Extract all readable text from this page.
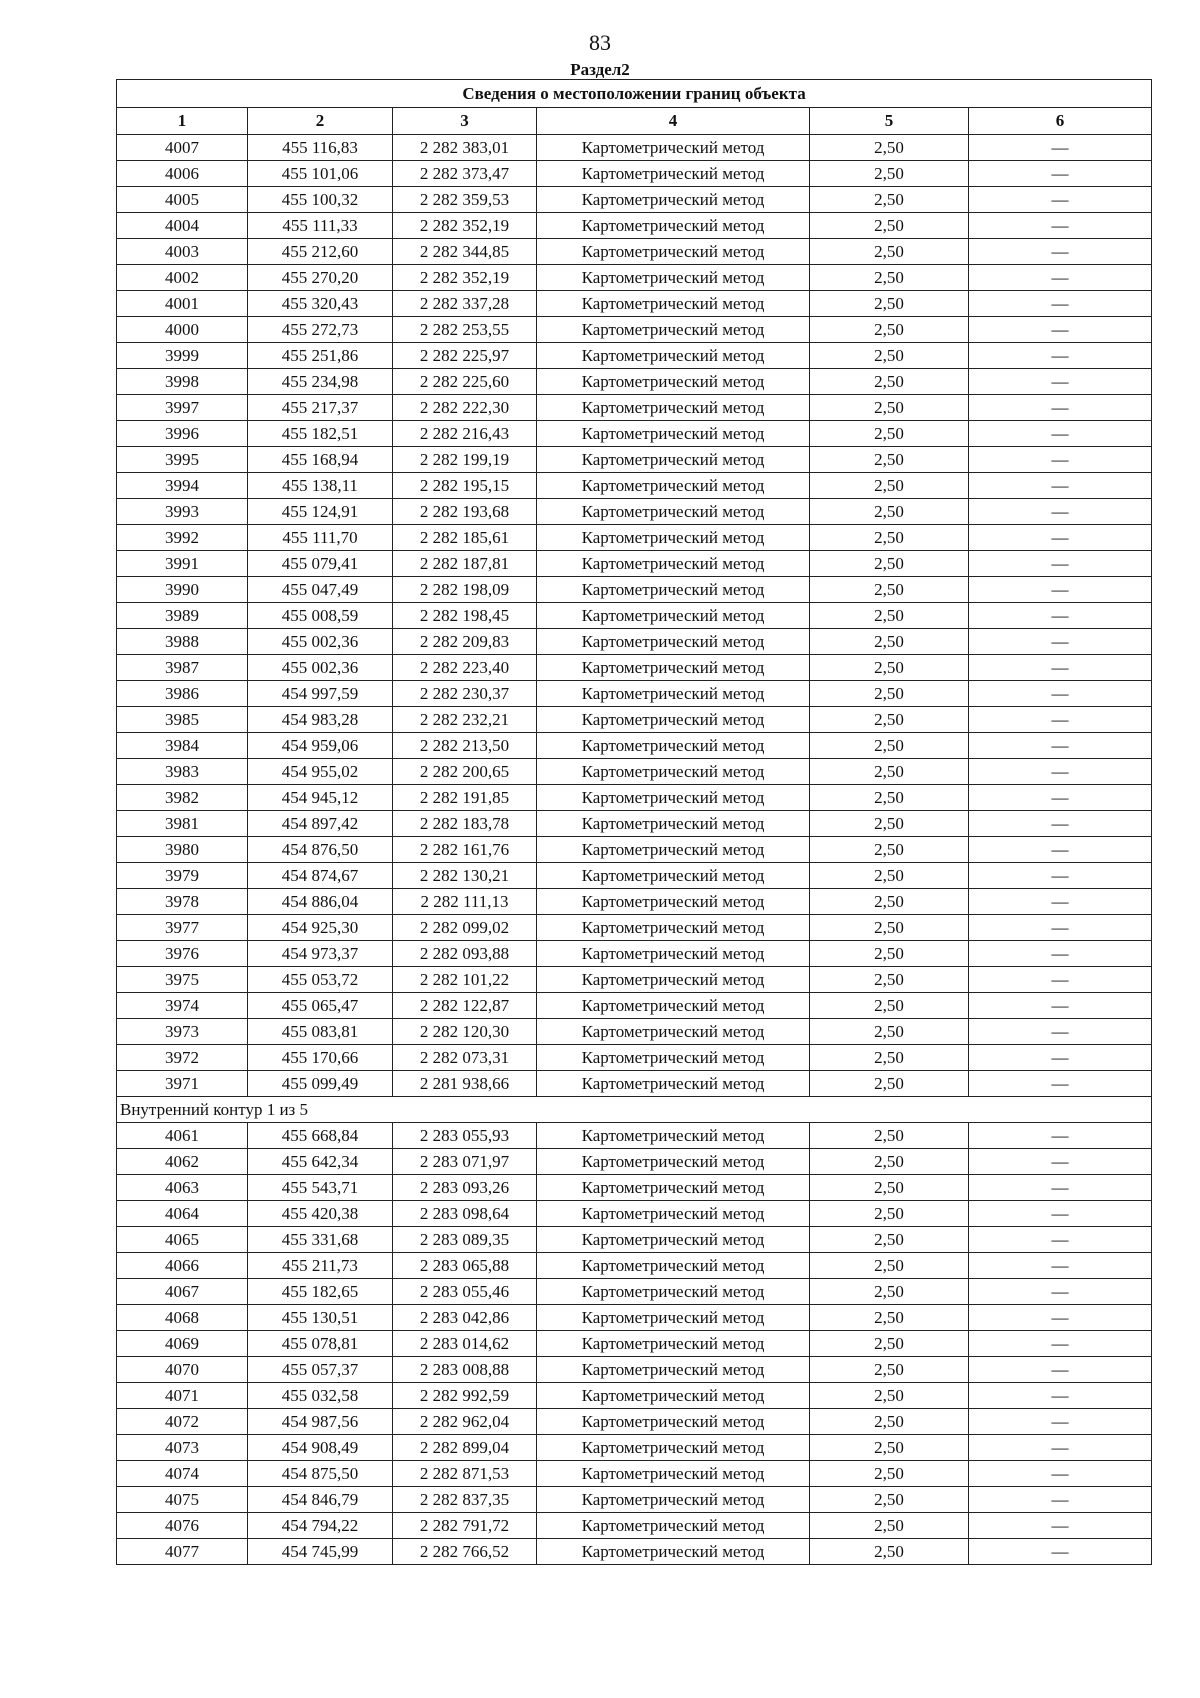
83
Раздел2
Сведения о местоположении границ объекта					
1	2	3	4	5	6
4007	455 116,83	2 282 383,01	Картометрический метод	2,50	—
4006	455 101,06	2 282 373,47	Картометрический метод	2,50	—
4005	455 100,32	2 282 359,53	Картометрический метод	2,50	—
4004	455 111,33	2 282 352,19	Картометрический метод	2,50	—
4003	455 212,60	2 282 344,85	Картометрический метод	2,50	—
4002	455 270,20	2 282 352,19	Картометрический метод	2,50	—
4001	455 320,43	2 282 337,28	Картометрический метод	2,50	—
4000	455 272,73	2 282 253,55	Картометрический метод	2,50	—
3999	455 251,86	2 282 225,97	Картометрический метод	2,50	—
3998	455 234,98	2 282 225,60	Картометрический метод	2,50	—
3997	455 217,37	2 282 222,30	Картометрический метод	2,50	—
3996	455 182,51	2 282 216,43	Картометрический метод	2,50	—
3995	455 168,94	2 282 199,19	Картометрический метод	2,50	—
3994	455 138,11	2 282 195,15	Картометрический метод	2,50	—
3993	455 124,91	2 282 193,68	Картометрический метод	2,50	—
3992	455 111,70	2 282 185,61	Картометрический метод	2,50	—
3991	455 079,41	2 282 187,81	Картометрический метод	2,50	—
3990	455 047,49	2 282 198,09	Картометрический метод	2,50	—
3989	455 008,59	2 282 198,45	Картометрический метод	2,50	—
3988	455 002,36	2 282 209,83	Картометрический метод	2,50	—
3987	455 002,36	2 282 223,40	Картометрический метод	2,50	—
3986	454 997,59	2 282 230,37	Картометрический метод	2,50	—
3985	454 983,28	2 282 232,21	Картометрический метод	2,50	—
3984	454 959,06	2 282 213,50	Картометрический метод	2,50	—
3983	454 955,02	2 282 200,65	Картометрический метод	2,50	—
3982	454 945,12	2 282 191,85	Картометрический метод	2,50	—
3981	454 897,42	2 282 183,78	Картометрический метод	2,50	—
3980	454 876,50	2 282 161,76	Картометрический метод	2,50	—
3979	454 874,67	2 282 130,21	Картометрический метод	2,50	—
3978	454 886,04	2 282 111,13	Картометрический метод	2,50	—
3977	454 925,30	2 282 099,02	Картометрический метод	2,50	—
3976	454 973,37	2 282 093,88	Картометрический метод	2,50	—
3975	455 053,72	2 282 101,22	Картометрический метод	2,50	—
3974	455 065,47	2 282 122,87	Картометрический метод	2,50	—
3973	455 083,81	2 282 120,30	Картометрический метод	2,50	—
3972	455 170,66	2 282 073,31	Картометрический метод	2,50	—
3971	455 099,49	2 281 938,66	Картометрический метод	2,50	—
Внутренний контур 1 из 5					
4061	455 668,84	2 283 055,93	Картометрический метод	2,50	—
4062	455 642,34	2 283 071,97	Картометрический метод	2,50	—
4063	455 543,71	2 283 093,26	Картометрический метод	2,50	—
4064	455 420,38	2 283 098,64	Картометрический метод	2,50	—
4065	455 331,68	2 283 089,35	Картометрический метод	2,50	—
4066	455 211,73	2 283 065,88	Картометрический метод	2,50	—
4067	455 182,65	2 283 055,46	Картометрический метод	2,50	—
4068	455 130,51	2 283 042,86	Картометрический метод	2,50	—
4069	455 078,81	2 283 014,62	Картометрический метод	2,50	—
4070	455 057,37	2 283 008,88	Картометрический метод	2,50	—
4071	455 032,58	2 282 992,59	Картометрический метод	2,50	—
4072	454 987,56	2 282 962,04	Картометрический метод	2,50	—
4073	454 908,49	2 282 899,04	Картометрический метод	2,50	—
4074	454 875,50	2 282 871,53	Картометрический метод	2,50	—
4075	454 846,79	2 282 837,35	Картометрический метод	2,50	—
4076	454 794,22	2 282 791,72	Картометрический метод	2,50	—
4077	454 745,99	2 282 766,52	Картометрический метод	2,50	—
